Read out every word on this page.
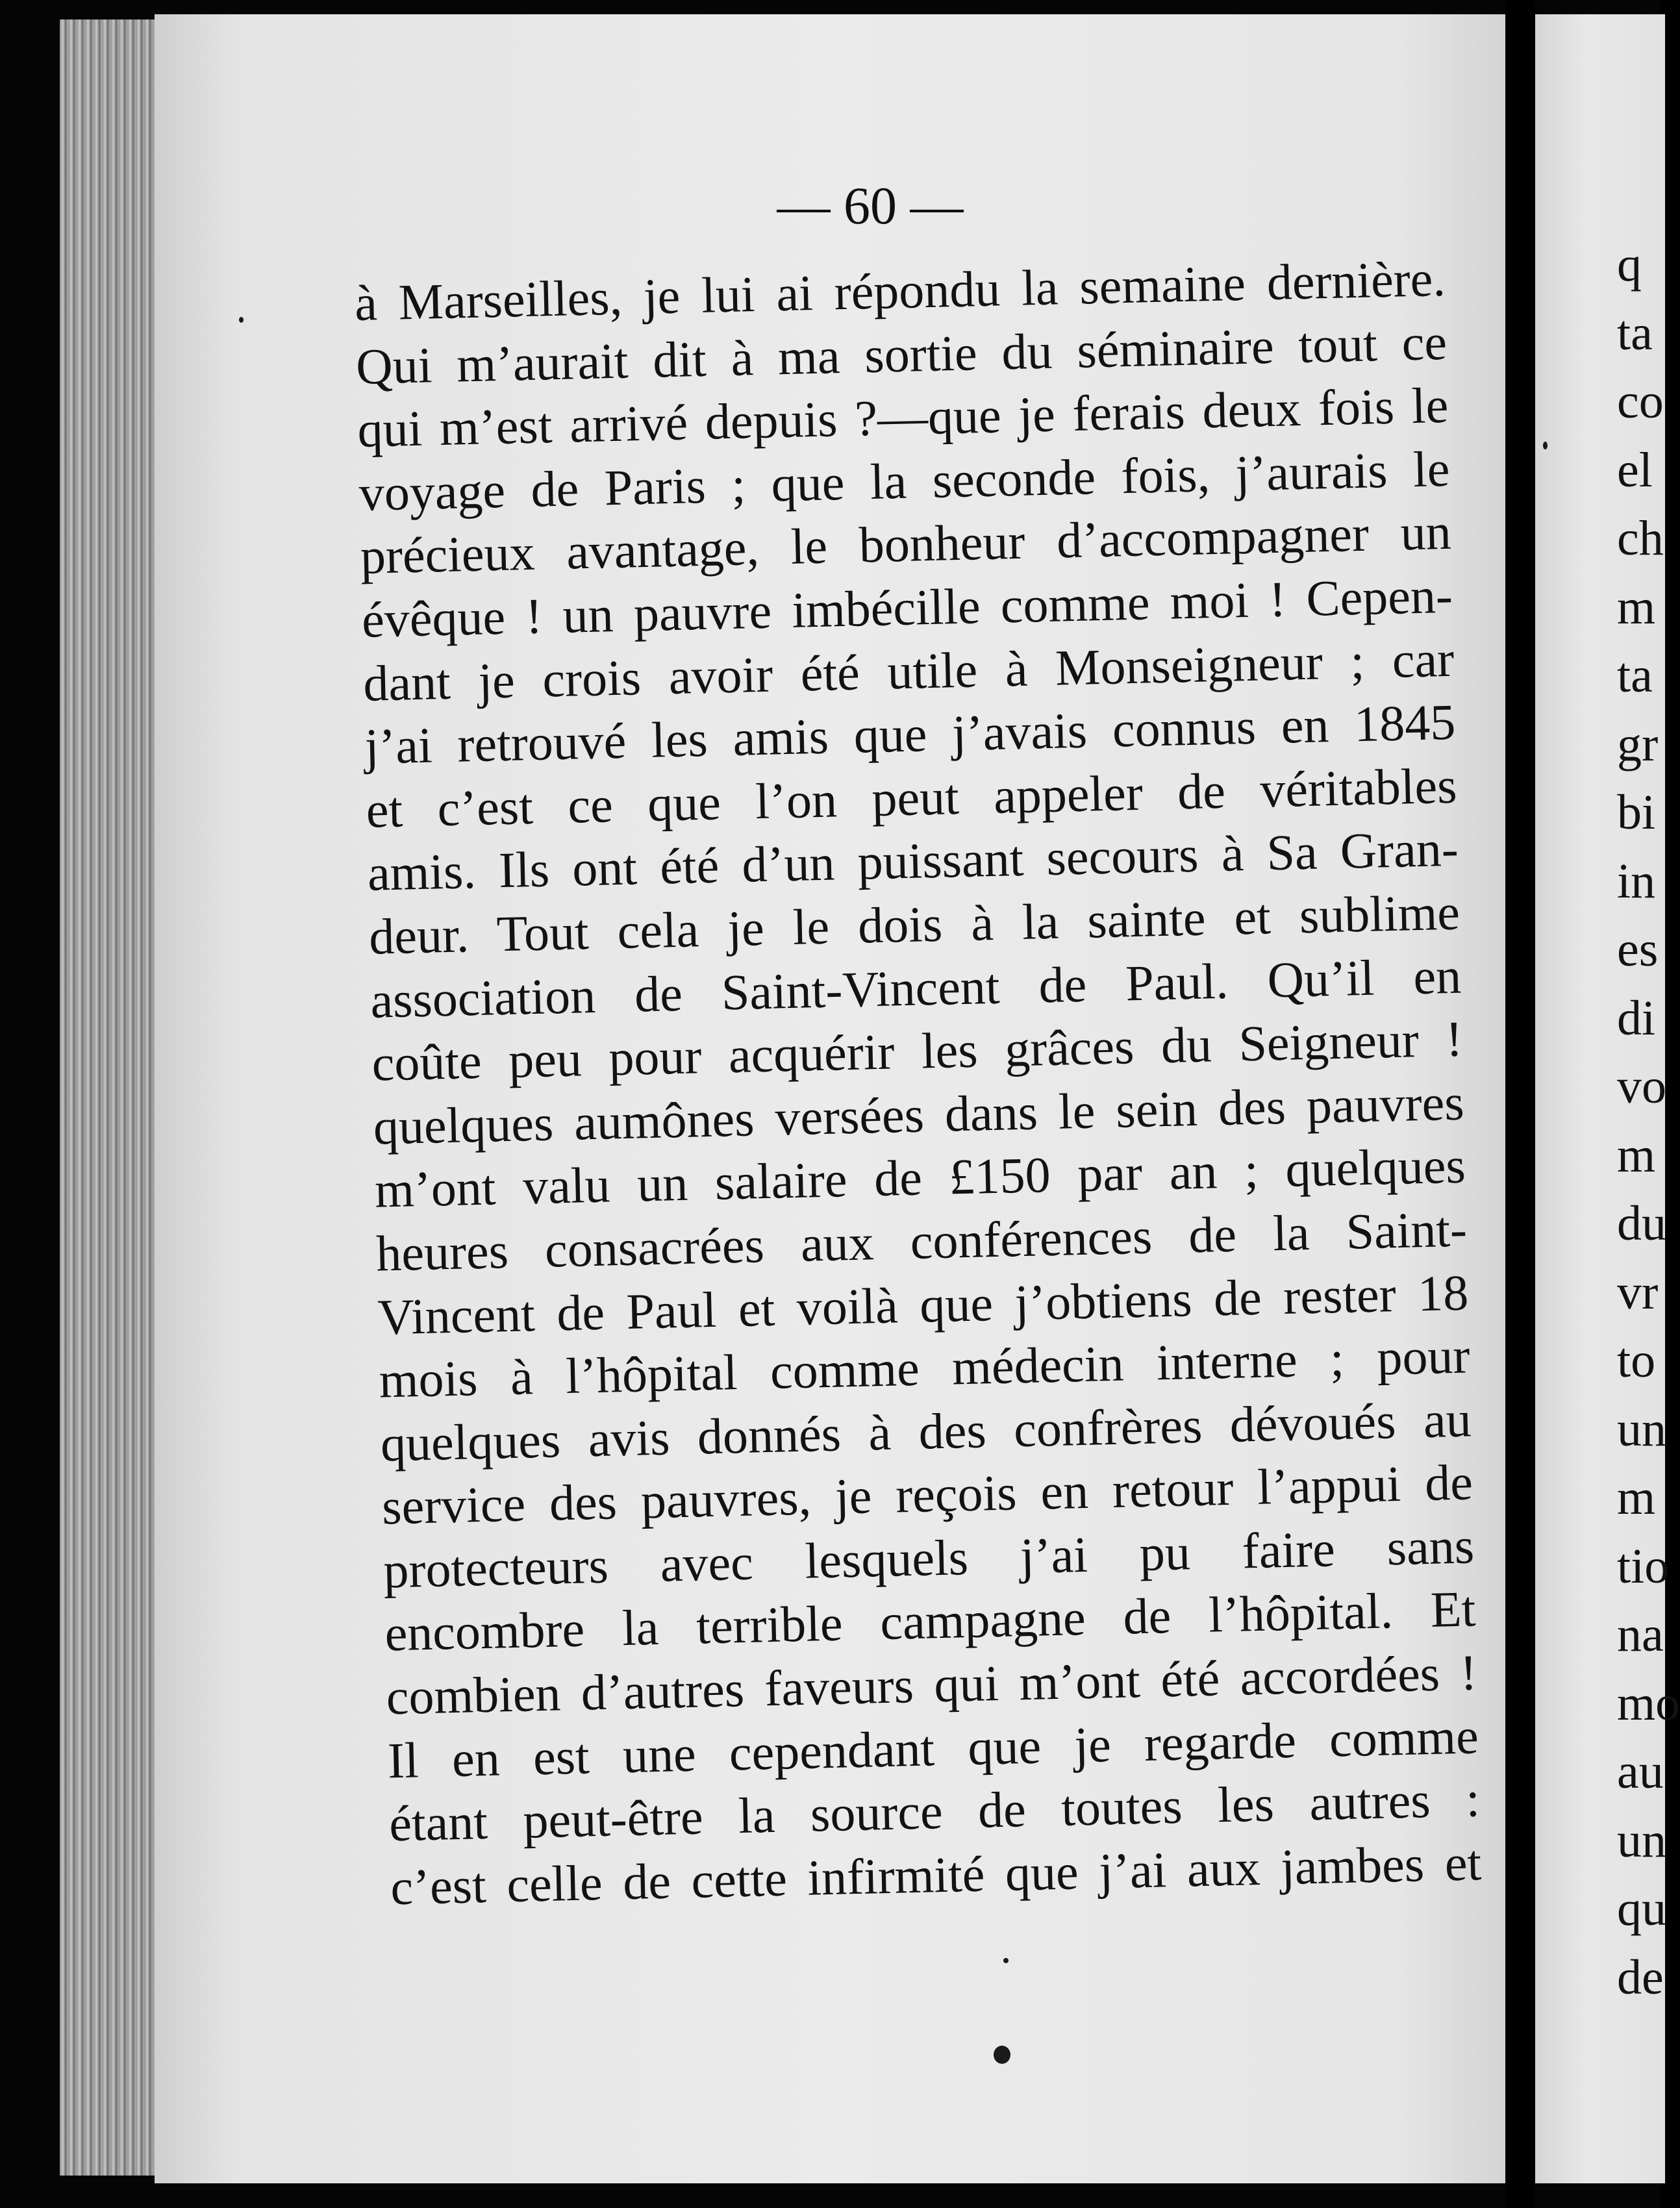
— 60 —

à Marseilles, je lui ai répondu la semaine dernière.
Qui m’aurait dit à ma sortie du séminaire tout ce
qui m’est arrivé depuis ?—que je ferais deux fois le
voyage de Paris ; que la seconde fois, j’aurais le
précieux avantage, le bonheur d’accompagner un
évêque ! un pauvre imbécille comme moi ! Cepen-
dant je crois avoir été utile à Monseigneur ; car
j’ai retrouvé les amis que j’avais connus en 1845
et c’est ce que l’on peut appeler de véritables
amis. Ils ont été d’un puissant secours à Sa Gran-
deur. Tout cela je le dois à la sainte et sublime
association de Saint-Vincent de Paul. Qu’il en
coûte peu pour acquérir les grâces du Seigneur !
quelques aumônes versées dans le sein des pauvres
m’ont valu un salaire de £150 par an ; quelques
heures consacrées aux conférences de la Saint-
Vincent de Paul et voilà que j’obtiens de rester 18
mois à l’hôpital comme médecin interne ; pour
quelques avis donnés à des confrères dévoués au
service des pauvres, je reçois en retour l’appui de
protecteurs avec lesquels j’ai pu faire sans
encombre la terrible campagne de l’hôpital. Et
combien d’autres faveurs qui m’ont été accordées !
Il en est une cependant que je regarde comme
étant peut-être la source de toutes les autres :
c’est celle de cette infirmité que j’ai aux jambes et
q
ta
co
el
ch
m
ta
gr
bi
in
es
di
vo
m
du
vr
to
un
m
tio
na
mo
au
un
qu
de
